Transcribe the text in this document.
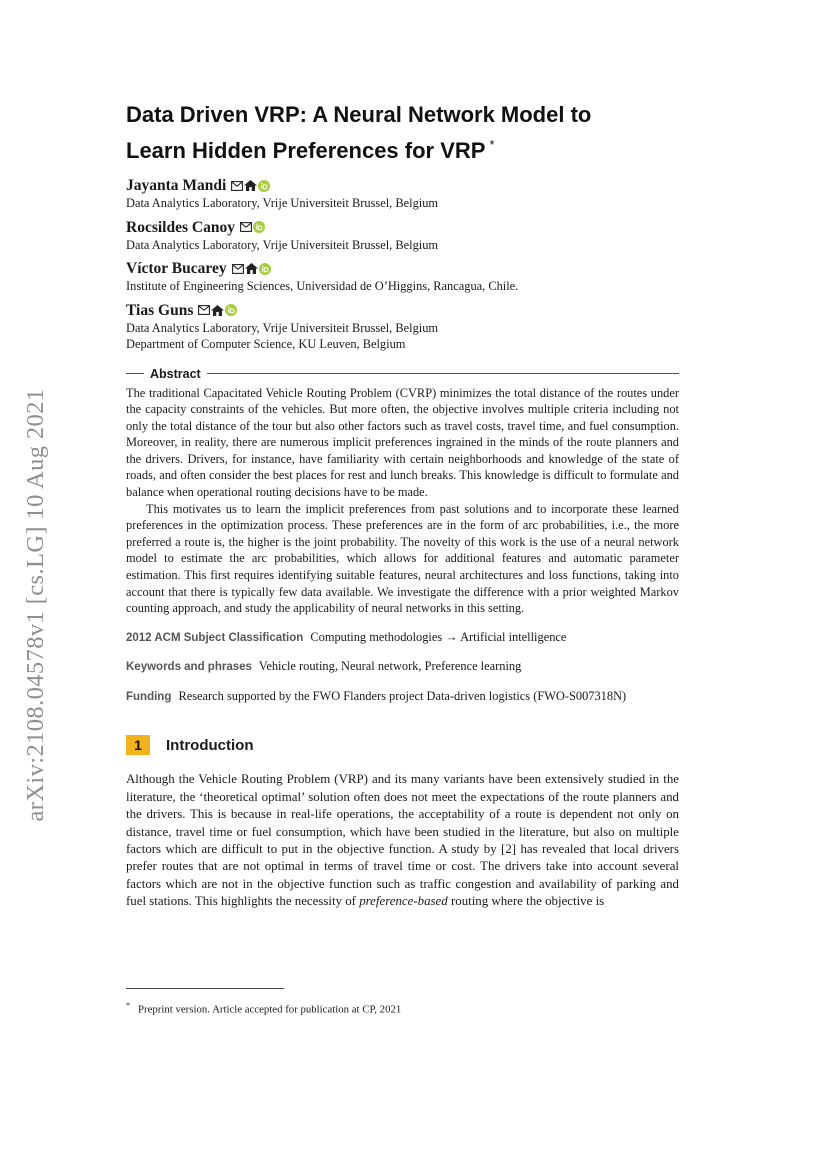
arXiv:2108.04578v1 [cs.LG] 10 Aug 2021
Data Driven VRP: A Neural Network Model to
Learn Hidden Preferences for VRP *
Jayanta Mandi
Data Analytics Laboratory, Vrije Universiteit Brussel, Belgium
Rocsildes Canoy
Data Analytics Laboratory, Vrije Universiteit Brussel, Belgium
Víctor Bucarey
Institute of Engineering Sciences, Universidad de O’Higgins, Rancagua, Chile.
Tias Guns
Data Analytics Laboratory, Vrije Universiteit Brussel, Belgium
Department of Computer Science, KU Leuven, Belgium
Abstract

The traditional Capacitated Vehicle Routing Problem (CVRP) minimizes the total distance of the routes under the capacity constraints of the vehicles. But more often, the objective involves multiple criteria including not only the total distance of the tour but also other factors such as travel costs, travel time, and fuel consumption. Moreover, in reality, there are numerous implicit preferences ingrained in the minds of the route planners and the drivers. Drivers, for instance, have familiarity with certain neighborhoods and knowledge of the state of roads, and often consider the best places for rest and lunch breaks. This knowledge is difficult to formulate and balance when operational routing decisions have to be made.

This motivates us to learn the implicit preferences from past solutions and to incorporate these learned preferences in the optimization process. These preferences are in the form of arc probabilities, i.e., the more preferred a route is, the higher is the joint probability. The novelty of this work is the use of a neural network model to estimate the arc probabilities, which allows for additional features and automatic parameter estimation. This first requires identifying suitable features, neural architectures and loss functions, taking into account that there is typically few data available. We investigate the difference with a prior weighted Markov counting approach, and study the applicability of neural networks in this setting.

2012 ACM Subject Classification Computing methodologies → Artificial intelligence
Keywords and phrases Vehicle routing, Neural network, Preference learning
Funding Research supported by the FWO Flanders project Data-driven logistics (FWO-S007318N)
1	Introduction

Although the Vehicle Routing Problem (VRP) and its many variants have been extensively studied in the literature, the ‘theoretical optimal’ solution often does not meet the expectations of the route planners and the drivers. This is because in real-life operations, the acceptability of a route is dependent not only on distance, travel time or fuel consumption, which have been studied in the literature, but also on multiple factors which are difficult to put in the objective function. A study by [2] has revealed that local drivers prefer routes that are not optimal in terms of travel time or cost. The drivers take into account several factors which are not in the objective function such as traffic congestion and availability of parking and fuel stations. This highlights the necessity of preference-based routing where the objective is

* Preprint version. Article accepted for publication at CP, 2021
